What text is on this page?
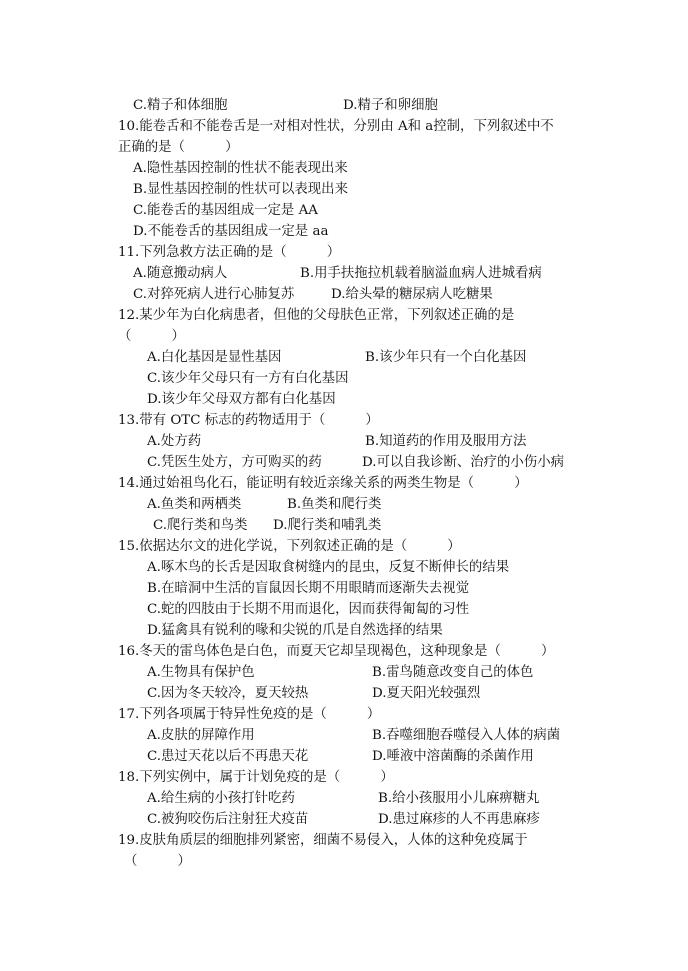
C.精子和体细胞	D.精子和卵细胞
10.能卷舌和不能卷舌是一对相对性状，分别由 A和 a控制，下列叙述中不
正确的是（　　　）
A.隐性基因控制的性状不能表现出来
B.显性基因控制的性状可以表现出来
C.能卷舌的基因组成一定是 AA
D.不能卷舌的基因组成一定是 aa
11.下列急救方法正确的是（　　　）
A.随意搬动病人	B.用手扶拖拉机载着脑溢血病人进城看病
C.对猝死病人进行心肺复苏	D.给头晕的糖尿病人吃糖果
12.某少年为白化病患者，但他的父母肤色正常，下列叙述正确的是
（　　　）
A.白化基因是显性基因	B.该少年只有一个白化基因
C.该少年父母只有一方有白化基因
D.该少年父母双方都有白化基因
13.带有 OTC 标志的药物适用于（　　　）
A.处方药	B.知道药的作用及服用方法
C.凭医生处方，方可购买的药	D.可以自我诊断、治疗的小伤小病
14.通过始祖鸟化石，能证明有较近亲缘关系的两类生物是（　　　）
A.鱼类和两栖类	B.鱼类和爬行类
C.爬行类和鸟类 D.爬行类和哺乳类
15.依据达尔文的进化学说，下列叙述正确的是（　　　）
A.啄木鸟的长舌是因取食树缝内的昆虫，反复不断伸长的结果
B.在暗洞中生活的盲鼠因长期不用眼睛而逐渐失去视觉
C.蛇的四肢由于长期不用而退化，因而获得匍匐的习性
D.猛禽具有锐利的喙和尖锐的爪是自然选择的结果
16.冬天的雷鸟体色是白色，而夏天它却呈现褐色，这种现象是（　　　）
A.生物具有保护色	B.雷鸟随意改变自己的体色
C.因为冬天较冷，夏天较热	D.夏天阳光较强烈
17.下列各项属于特异性免疫的是（　　　）
A.皮肤的屏障作用	B.吞噬细胞吞噬侵入人体的病菌
C.患过天花以后不再患天花	D.唾液中溶菌酶的杀菌作用
18.下列实例中，属于计划免疫的是（　　　）
A.给生病的小孩打针吃药	B.给小孩服用小儿麻痹糖丸
C.被狗咬伤后注射狂犬疫苗	D.患过麻疹的人不再患麻疹
19.皮肤角质层的细胞排列紧密，细菌不易侵入，人体的这种免疫属于
（　　　）
